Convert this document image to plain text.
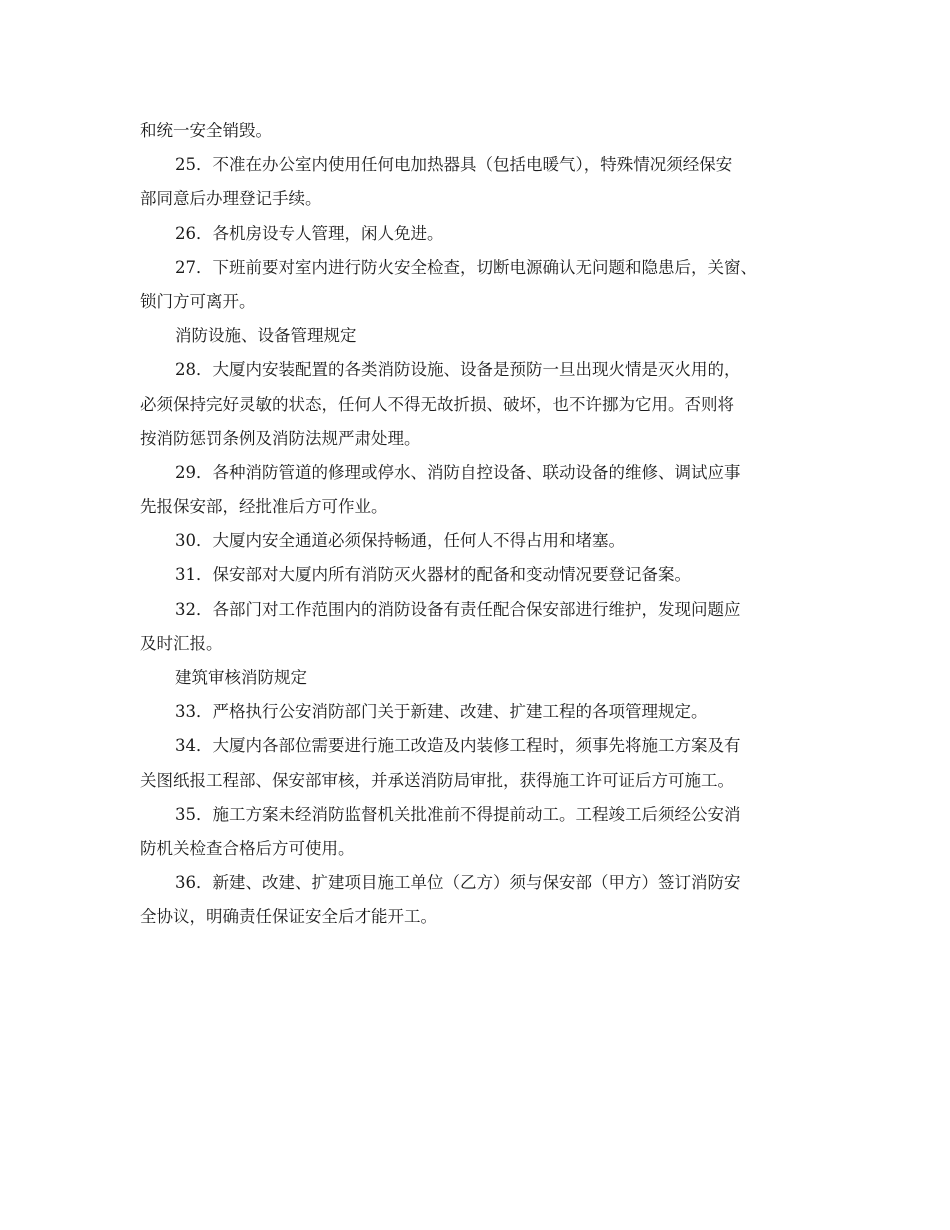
和统一安全销毁。
25．不准在办公室内使用任何电加热器具（包括电暖气），特殊情况须经保安
部同意后办理登记手续。
26．各机房设专人管理，闲人免进。
27．下班前要对室内进行防火安全检查，切断电源确认无问题和隐患后，关窗、
锁门方可离开。
消防设施、设备管理规定
28．大厦内安装配置的各类消防设施、设备是预防一旦出现火情是灭火用的，
必须保持完好灵敏的状态，任何人不得无故折损、破坏，也不许挪为它用。否则将
按消防惩罚条例及消防法规严肃处理。
29．各种消防管道的修理或停水、消防自控设备、联动设备的维修、调试应事
先报保安部，经批准后方可作业。
30．大厦内安全通道必须保持畅通，任何人不得占用和堵塞。
31．保安部对大厦内所有消防灭火器材的配备和变动情况要登记备案。
32．各部门对工作范围内的消防设备有责任配合保安部进行维护，发现问题应
及时汇报。
建筑审核消防规定
33．严格执行公安消防部门关于新建、改建、扩建工程的各项管理规定。
34．大厦内各部位需要进行施工改造及内装修工程时，须事先将施工方案及有
关图纸报工程部、保安部审核，并承送消防局审批，获得施工许可证后方可施工。
35．施工方案未经消防监督机关批准前不得提前动工。工程竣工后须经公安消
防机关检查合格后方可使用。
36．新建、改建、扩建项目施工单位（乙方）须与保安部（甲方）签订消防安
全协议，明确责任保证安全后才能开工。
